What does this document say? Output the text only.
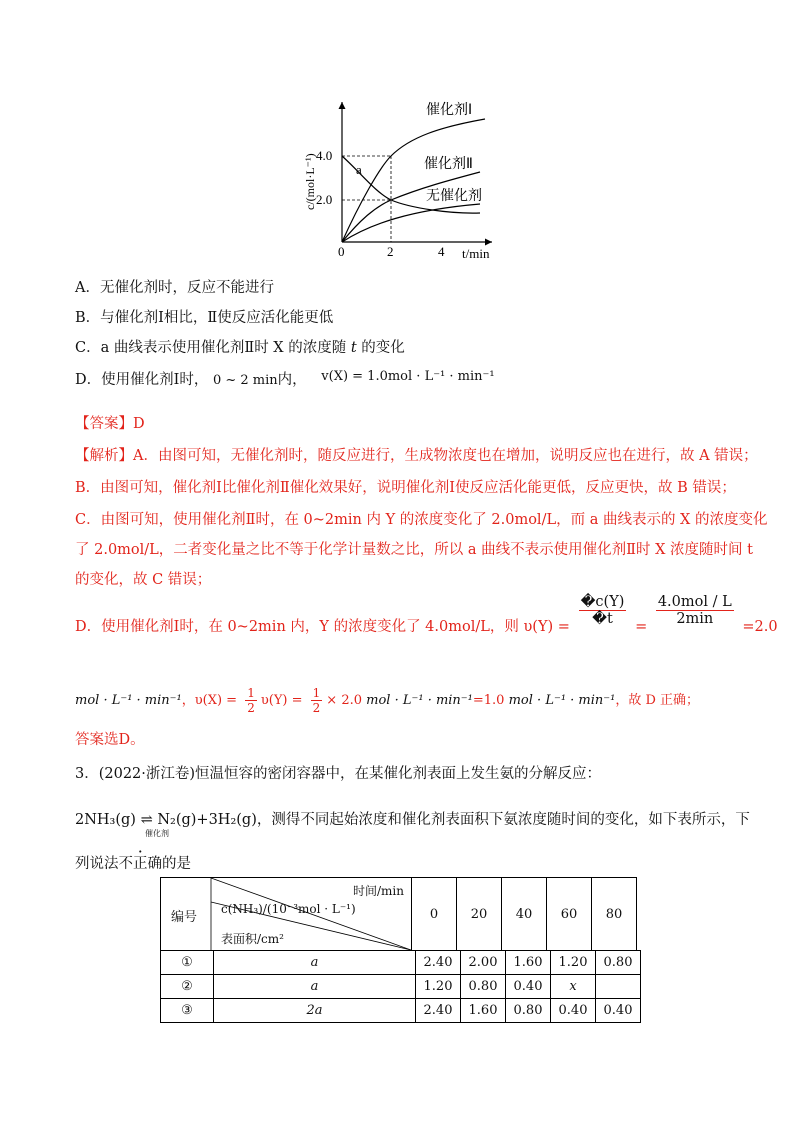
4.0
2.0
0	2	4 t/min
c/(mol·L⁻¹)
催化剂Ⅰ
催化剂Ⅱ
无催化剂
a
A．无催化剂时，反应不能进行
B．与催化剂Ⅰ相比，Ⅱ使反应活化能更低
C．a 曲线表示使用催化剂Ⅱ时 X 的浓度随 t 的变化
D．使用催化剂Ⅰ时， 0 ~ 2 min内， v(X) = 1.0mol · L⁻¹ · min⁻¹
【答案】D
【解析】A．由图可知，无催化剂时，随反应进行，生成物浓度也在增加，说明反应也在进行，故 A 错误；
B．由图可知，催化剂Ⅰ比催化剂Ⅱ催化效果好，说明催化剂Ⅰ使反应活化能更低，反应更快，故 B 错误；
C．由图可知，使用催化剂Ⅱ时，在 0~2min 内 Y 的浓度变化了 2.0mol/L，而 a 曲线表示的 X 的浓度变化
了 2.0mol/L，二者变化量之比不等于化学计量数之比，所以 a 曲线不表示使用催化剂Ⅱ时 X 浓度随时间 t
的变化，故 C 错误；
D．使用催化剂Ⅰ时，在 0~2min 内，Y 的浓度变化了 4.0mol/L，则 $\upsilon(Y) = \frac{�c(Y)}{�t} = \frac{\text{4.0mol / L}}{2\min} =2.0$
mol · L⁻¹ · min⁻¹，$\upsilon(X) = \frac{1}{2} \upsilon(Y) = \frac{1}{2} \times 2.0$ mol · L⁻¹ · min⁻¹=1.0 mol · L⁻¹ · min⁻¹，故 D 正确；
答案选D。
3．(2022·浙江卷)恒温恒容的密闭容器中，在某催化剂表面上发生氨的分解反应：
2NH₃(g) ⇌ N₂(g)+3H₂(g)
催化剂
，测得不同起始浓度和催化剂表面积下氨浓度随时间的变化，如下表所示，下
列说法不正确的是
编号
c(NH₃)/(10⁻³mol · L⁻¹)
时间/min
表面积/cm²
	0	20	40	60	80
①	a	2.40	2.00	1.60	1.20	0.80
②	a	1.20	0.80	0.40	x	
③	2a	2.40	1.60	0.80	0.40	0.40
